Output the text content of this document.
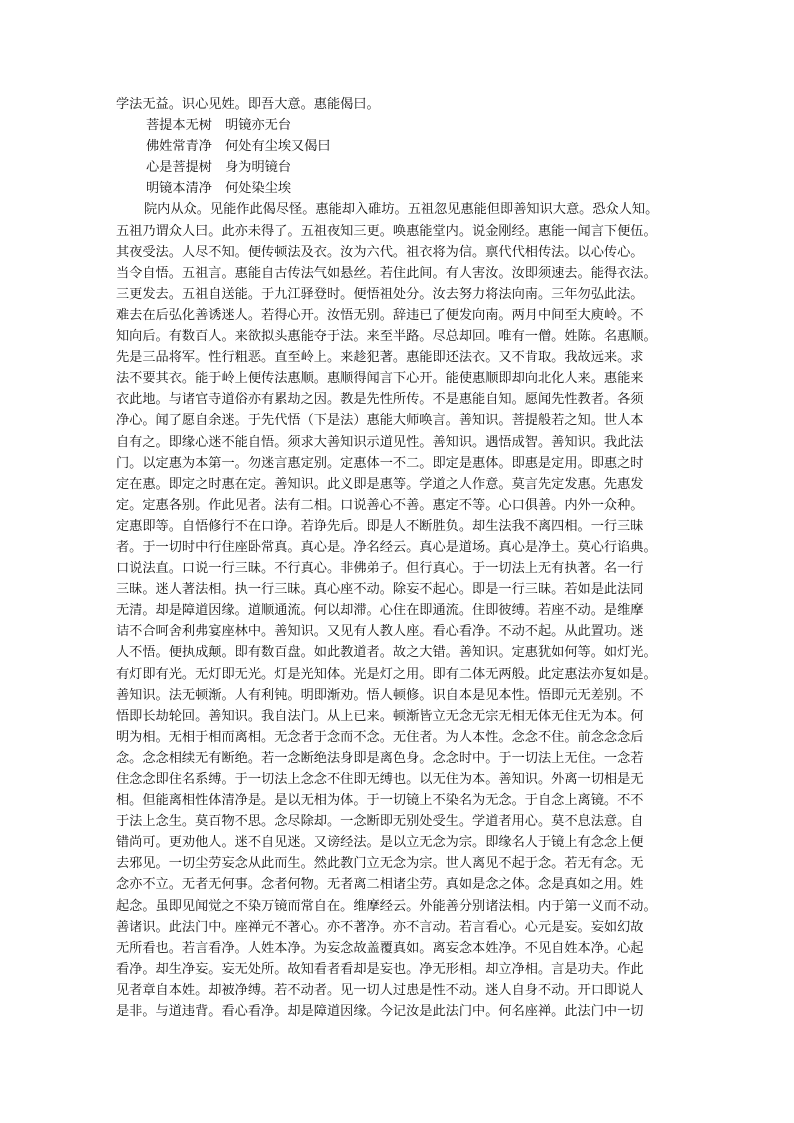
学法无益。识心见姓。即吾大意。惠能偈曰。
菩提本无树　明镜亦无台
佛姓常青净　何处有尘埃又偈曰
心是菩提树　身为明镜台
明镜本清净　何处染尘埃
院内从众。见能作此偈尽怪。惠能却入碓坊。五祖忽见惠能但即善知识大意。恐众人知。
五祖乃谓众人曰。此亦未得了。五祖夜知三更。唤惠能堂内。说金刚经。惠能一闻言下便伍。
其夜受法。人尽不知。便传顿法及衣。汝为六代。祖衣将为信。禀代代相传法。以心传心。
当令自悟。五祖言。惠能自古传法气如悬丝。若住此间。有人害汝。汝即须速去。能得衣法。
三更发去。五祖自送能。于九江驿登时。便悟祖处分。汝去努力将法向南。三年勿弘此法。
难去在后弘化善诱迷人。若得心开。汝悟无别。辞违已了便发向南。两月中间至大庾岭。不
知向后。有数百人。来欲拟头惠能夺于法。来至半路。尽总却回。唯有一僧。姓陈。名惠顺。
先是三品将军。性行粗恶。直至岭上。来趁犯著。惠能即还法衣。又不肯取。我故远来。求
法不要其衣。能于岭上便传法惠顺。惠顺得闻言下心开。能使惠顺即却向北化人来。惠能来
衣此地。与诸官寺道俗亦有累劫之因。教是先性所传。不是惠能自知。愿闻先性教者。各须
净心。闻了愿自余迷。于先代悟（下是法）惠能大师唤言。善知识。菩提般若之知。世人本
自有之。即缘心迷不能自悟。须求大善知识示道见性。善知识。遇悟成智。善知识。我此法
门。以定惠为本第一。勿迷言惠定别。定惠体一不二。即定是惠体。即惠是定用。即惠之时
定在惠。即定之时惠在定。善知识。此义即是惠等。学道之人作意。莫言先定发惠。先惠发
定。定惠各别。作此见者。法有二相。口说善心不善。惠定不等。心口俱善。内外一众种。
定惠即等。自悟修行不在口诤。若诤先后。即是人不断胜负。却生法我不离四相。一行三昧
者。于一切时中行住座卧常真。真心是。净名经云。真心是道场。真心是净土。莫心行谄典。
口说法直。口说一行三昧。不行真心。非佛弟子。但行真心。于一切法上无有执著。名一行
三昧。迷人著法相。执一行三昧。真心座不动。除妄不起心。即是一行三昧。若如是此法同
无清。却是障道因缘。道顺通流。何以却滞。心住在即通流。住即彼缚。若座不动。是维摩
诘不合呵舍利弗宴座林中。善知识。又见有人教人座。看心看净。不动不起。从此置功。迷
人不悟。便执成颠。即有数百盘。如此教道者。故之大错。善知识。定惠犹如何等。如灯光。
有灯即有光。无灯即无光。灯是光知体。光是灯之用。即有二体无两般。此定惠法亦复如是。
善知识。法无顿渐。人有利钝。明即渐劝。悟人顿修。识自本是见本性。悟即元无差别。不
悟即长劫轮回。善知识。我自法门。从上已来。顿渐皆立无念无宗无相无体无住无为本。何
明为相。无相于相而离相。无念者于念而不念。无住者。为人本性。念念不住。前念念念后
念。念念相续无有断绝。若一念断绝法身即是离色身。念念时中。于一切法上无住。一念若
住念念即住名系缚。于一切法上念念不住即无缚也。以无住为本。善知识。外离一切相是无
相。但能离相性体清净是。是以无相为体。于一切镜上不染名为无念。于自念上离镜。不不
于法上念生。莫百物不思。念尽除却。一念断即无别处受生。学道者用心。莫不息法意。自
错尚可。更劝他人。迷不自见迷。又谤经法。是以立无念为宗。即缘名人于镜上有念念上便
去邪见。一切尘劳妄念从此而生。然此教门立无念为宗。世人离见不起于念。若无有念。无
念亦不立。无者无何事。念者何物。无者离二相诸尘劳。真如是念之体。念是真如之用。姓
起念。虽即见闻觉之不染万镜而常自在。维摩经云。外能善分别诸法相。内于第一义而不动。
善诸识。此法门中。座禅元不著心。亦不著净。亦不言动。若言看心。心元是妄。妄如幻故
无所看也。若言看净。人姓本净。为妄念故盖覆真如。离妄念本姓净。不见自姓本净。心起
看净。却生净妄。妄无处所。故知看者看却是妄也。净无形相。却立净相。言是功夫。作此
见者章自本姓。却被净缚。若不动者。见一切人过患是性不动。迷人自身不动。开口即说人
是非。与道违背。看心看净。却是障道因缘。今记汝是此法门中。何名座禅。此法门中一切
